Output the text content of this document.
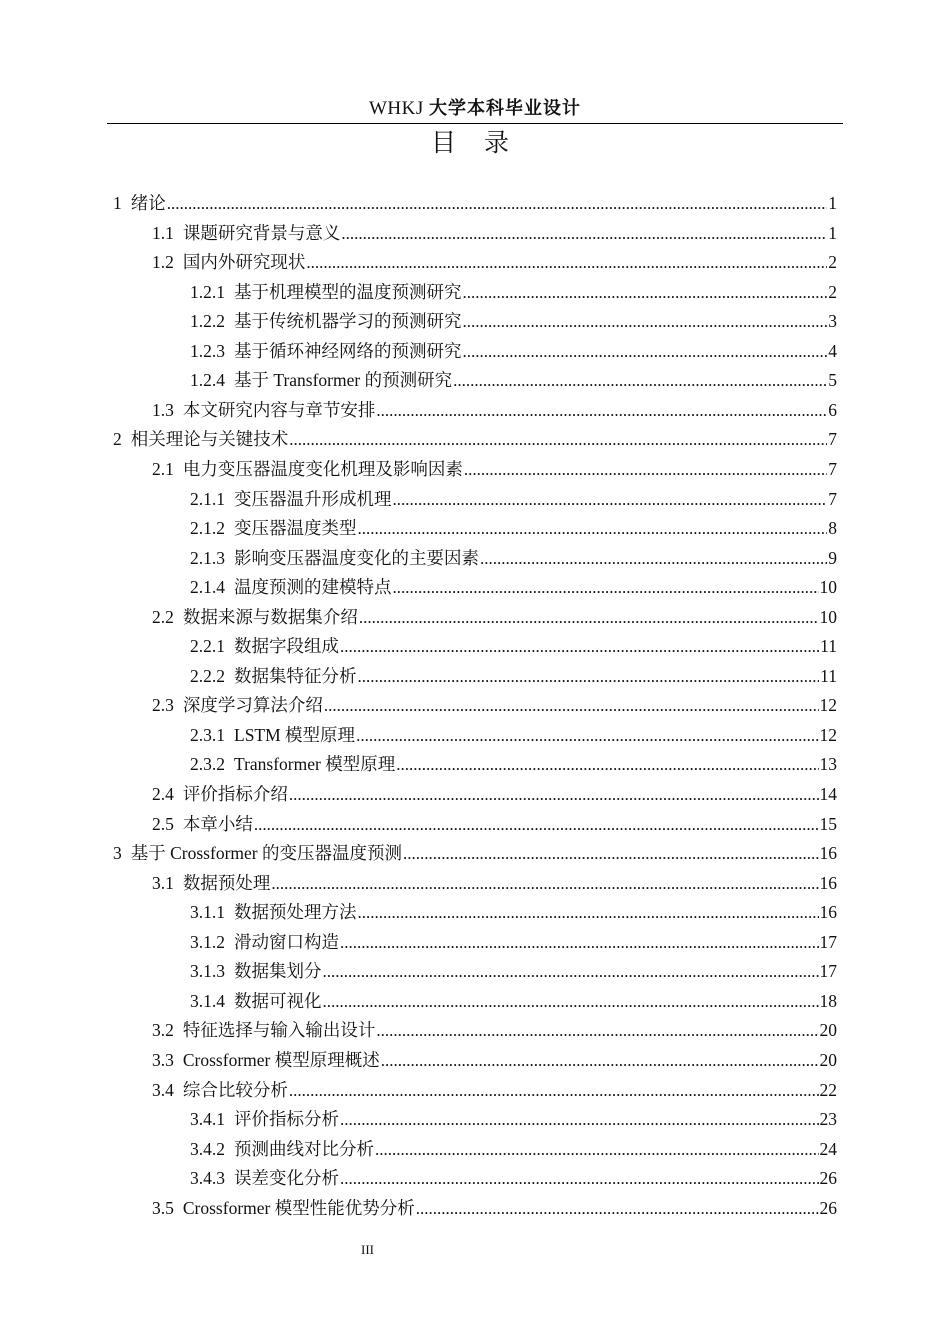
WHKJ 大学本科毕业设计
目 录
1 绪论 .....	1
1.1 课题研究背景与意义 .....	1
1.2 国内外研究现状 .....	2
1.2.1 基于机理模型的温度预测研究 .....	2
1.2.2 基于传统机器学习的预测研究 .....	3
1.2.3 基于循环神经网络的预测研究 .....	4
1.2.4 基于 Transformer 的预测研究 .....	5
1.3 本文研究内容与章节安排 .....	6
2 相关理论与关键技术 .....	7
2.1 电力变压器温度变化机理及影响因素 .....	7
2.1.1 变压器温升形成机理 .....	7
2.1.2 变压器温度类型 .....	8
2.1.3 影响变压器温度变化的主要因素 .....	9
2.1.4 温度预测的建模特点 .....	10
2.2 数据来源与数据集介绍 .....	10
2.2.1 数据字段组成 .....	11
2.2.2 数据集特征分析 .....	11
2.3 深度学习算法介绍 .....	12
2.3.1 LSTM 模型原理 .....	12
2.3.2 Transformer 模型原理 .....	13
2.4 评价指标介绍 .....	14
2.5 本章小结 .....	15
3 基于 Crossformer 的变压器温度预测 .....	16
3.1 数据预处理 .....	16
3.1.1 数据预处理方法 .....	16
3.1.2 滑动窗口构造 .....	17
3.1.3 数据集划分 .....	17
3.1.4 数据可视化 .....	18
3.2 特征选择与输入输出设计 .....	20
3.3 Crossformer 模型原理概述 .....	20
3.4 综合比较分析 .....	22
3.4.1 评价指标分析 .....	23
3.4.2 预测曲线对比分析 .....	24
3.4.3 误差变化分析 .....	26
3.5 Crossformer 模型性能优势分析 .....	26
III
